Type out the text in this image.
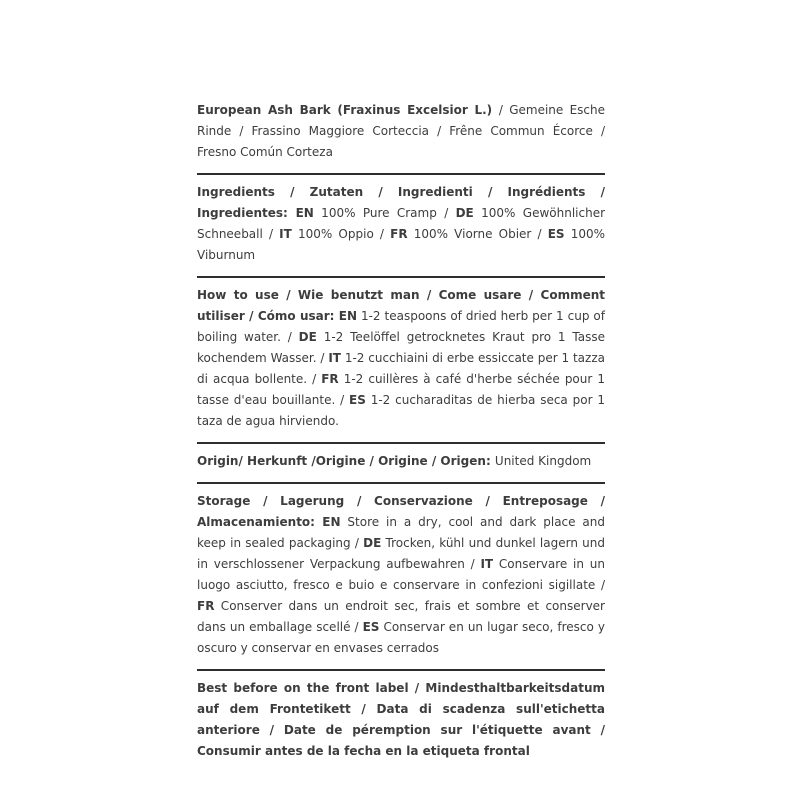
European Ash Bark (Fraxinus Excelsior L.) / Gemeine Esche Rinde / Frassino Maggiore Corteccia / Frêne Commun Écorce / Fresno Común Corteza

Ingredients / Zutaten / Ingredienti / Ingrédients / Ingredientes: EN 100% Pure Cramp / DE 100% Gewöhnlicher Schneeball / IT 100% Oppio / FR 100% Viorne Obier / ES 100% Viburnum

How to use / Wie benutzt man / Come usare / Comment utiliser / Cómo usar: EN 1-2 teaspoons of dried herb per 1 cup of boiling water. / DE 1-2 Teelöffel getrocknetes Kraut pro 1 Tasse kochendem Wasser. / IT 1-2 cucchiaini di erbe essiccate per 1 tazza di acqua bollente. / FR 1-2 cuillères à café d'herbe séchée pour 1 tasse d'eau bouillante. / ES 1-2 cucharaditas de hierba seca por 1 taza de agua hirviendo.

Origin/ Herkunft /Origine / Origine / Origen: United Kingdom

Storage / Lagerung / Conservazione / Entreposage / Almacenamiento: EN Store in a dry, cool and dark place and keep in sealed packaging / DE Trocken, kühl und dunkel lagern und in verschlossener Verpackung aufbewahren / IT Conservare in un luogo asciutto, fresco e buio e conservare in confezioni sigillate / FR Conserver dans un endroit sec, frais et sombre et conserver dans un emballage scellé / ES Conservar en un lugar seco, fresco y oscuro y conservar en envases cerrados

Best before on the front label / Mindesthaltbarkeitsdatum auf dem Frontetikett / Data di scadenza sull'etichetta anteriore / Date de péremption sur l'étiquette avant / Consumir antes de la fecha en la etiqueta frontal
